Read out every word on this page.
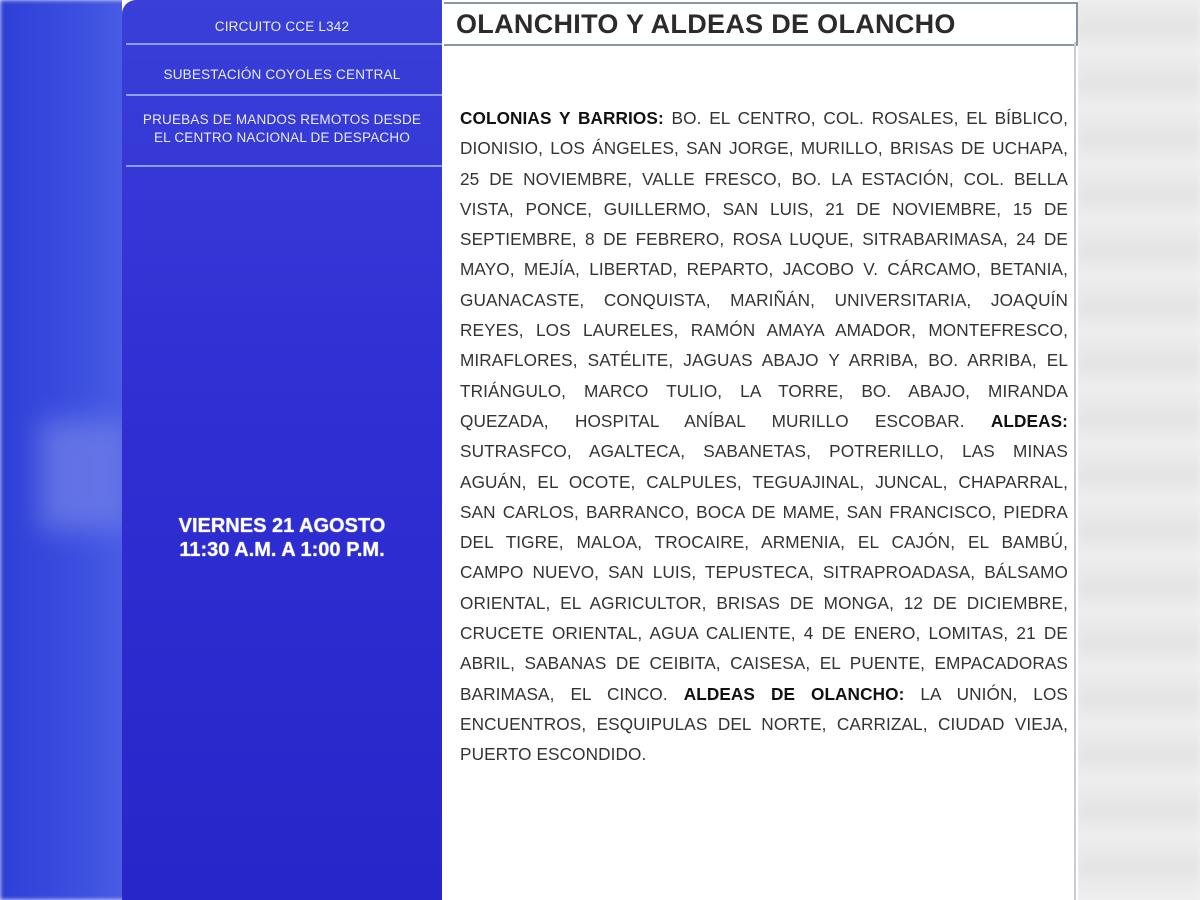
CIRCUITO CCE L342
SUBESTACIÓN COYOLES CENTRAL
PRUEBAS DE MANDOS REMOTOS DESDE
EL CENTRO NACIONAL DE DESPACHO
VIERNES 21 AGOSTO
11:30 A.M. A 1:00 P.M.
OLANCHITO Y ALDEAS DE OLANCHO
COLONIAS Y BARRIOS: BO. EL CENTRO, COL. ROSALES, EL BÍBLICO, DIONISIO, LOS ÁNGELES, SAN JORGE, MURILLO, BRISAS DE UCHAPA, 25 DE NOVIEMBRE, VALLE FRESCO, BO. LA ESTACIÓN, COL. BELLA VISTA, PONCE, GUILLERMO, SAN LUIS, 21 DE NOVIEMBRE, 15 DE SEPTIEMBRE, 8 DE FEBRERO, ROSA LUQUE, SITRABARIMASA, 24 DE MAYO, MEJÍA, LIBERTAD, REPARTO, JACOBO V. CÁRCAMO, BETANIA, GUANACASTE, CONQUISTA, MARIÑÁN, UNIVERSITARIA, JOAQUÍN REYES, LOS LAURELES, RAMÓN AMAYA AMADOR, MONTEFRESCO, MIRAFLORES, SATÉLITE, JAGUAS ABAJO Y ARRIBA, BO. ARRIBA, EL TRIÁNGULO, MARCO TULIO, LA TORRE, BO. ABAJO, MIRANDA QUEZADA, HOSPITAL ANÍBAL MURILLO ESCOBAR. ALDEAS: SUTRASFCO, AGALTECA, SABANETAS, POTRERILLO, LAS MINAS AGUÁN, EL OCOTE, CALPULES, TEGUAJINAL, JUNCAL, CHAPARRAL, SAN CARLOS, BARRANCO, BOCA DE MAME, SAN FRANCISCO, PIEDRA DEL TIGRE, MALOA, TROCAIRE, ARMENIA, EL CAJÓN, EL BAMBÚ, CAMPO NUEVO, SAN LUIS, TEPUSTECA, SITRAPROADASA, BÁLSAMO ORIENTAL, EL AGRICULTOR, BRISAS DE MONGA, 12 DE DICIEMBRE, CRUCETE ORIENTAL, AGUA CALIENTE, 4 DE ENERO, LOMITAS, 21 DE ABRIL, SABANAS DE CEIBITA, CAISESA, EL PUENTE, EMPACADORAS BARIMASA, EL CINCO. ALDEAS DE OLANCHO: LA UNIÓN, LOS ENCUENTROS, ESQUIPULAS DEL NORTE, CARRIZAL, CIUDAD VIEJA, PUERTO ESCONDIDO.
